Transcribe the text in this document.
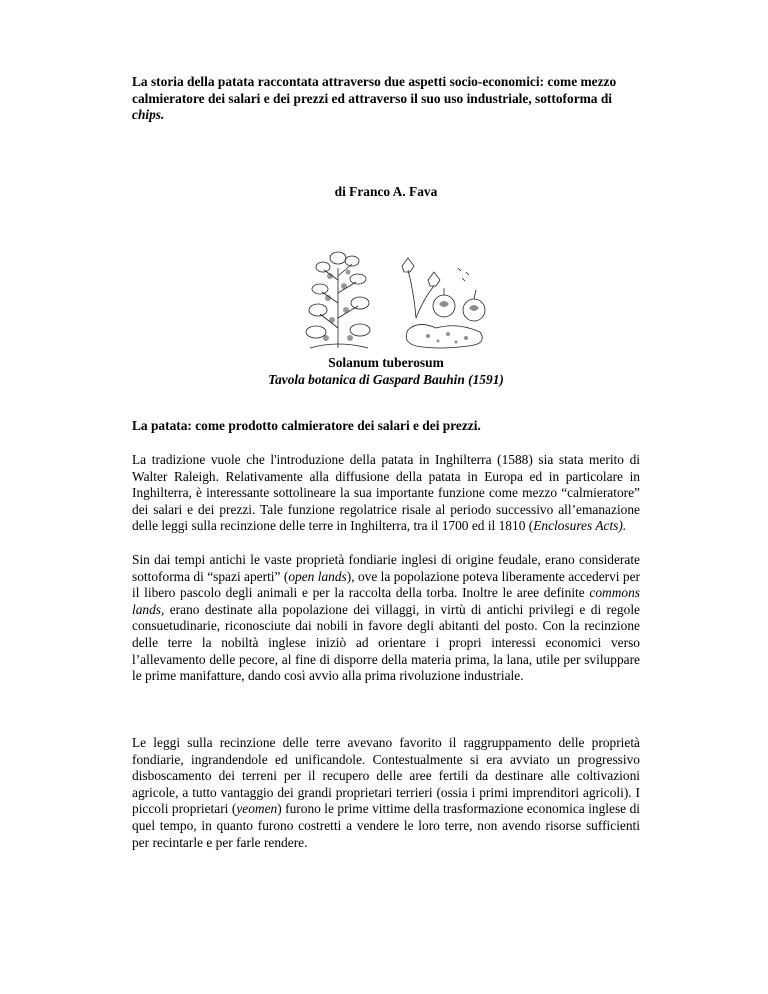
La storia della patata raccontata attraverso due aspetti socio-economici: come mezzo calmieratore dei salari e dei prezzi ed attraverso il suo uso industriale, sottoforma di chips.

di Franco A. Fava

Solanum tuberosum

Tavola botanica di Gaspard Bauhin (1591)

La patata: come prodotto calmieratore dei salari e dei prezzi.

La tradizione vuole che l'introduzione della patata in Inghilterra (1588) sia stata merito di Walter Raleigh. Relativamente alla diffusione della patata in Europa ed in particolare in Inghilterra, è interessante sottolineare la sua importante funzione come mezzo “calmieratore” dei salari e dei prezzi. Tale funzione regolatrice risale al periodo successivo all’emanazione delle leggi sulla recinzione delle terre in Inghilterra, tra il 1700 ed il 1810 (Enclosures Acts).

Sin dai tempi antichi le vaste proprietà fondiarie inglesi di origine feudale, erano considerate sottoforma di “spazi aperti” (open lands), ove la popolazione poteva liberamente accedervi per il libero pascolo degli animali e per la raccolta della torba. Inoltre le aree definite commons lands, erano destinate alla popolazione dei villaggi, in virtù di antichi privilegi e di regole consuetudinarie, riconosciute dai nobili in favore degli abitanti del posto. Con la recinzione delle terre la nobiltà inglese iniziò ad orientare i propri interessi economici verso l’allevamento delle pecore, al fine di disporre della materia prima, la lana, utile per sviluppare le prime manifatture, dando così avvio alla prima rivoluzione industriale.

Le leggi sulla recinzione delle terre avevano favorito il raggruppamento delle proprietà fondiarie, ingrandendole ed unificandole. Contestualmente si era avviato un progressivo disboscamento dei terreni per il recupero delle aree fertili da destinare alle coltivazioni agricole, a tutto vantaggio dei grandi proprietari terrieri (ossia i primi imprenditori agricoli). I piccoli proprietari (yeomen) furono le prime vittime della trasformazione economica inglese di quel tempo, in quanto furono costretti a vendere le loro terre, non avendo risorse sufficienti per recintarle e per farle rendere.
